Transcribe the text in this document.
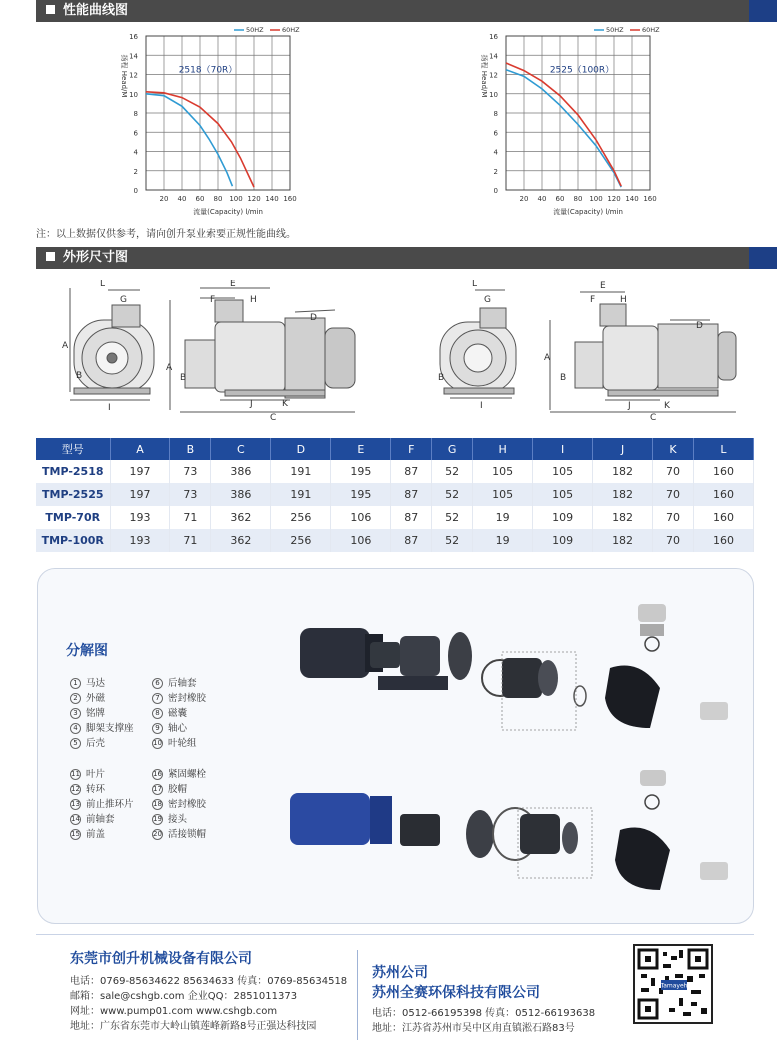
性能曲线图
0
2
4
6
8
10
12
14
16
20 40 60 80 100 120 140 160
流量(Capacity) l/min
扬程 Head/M
50HZ	60HZ
2518（70R）
0
2
4
6
8
10
12
14
16
20 40 60 80 100 120 140 160
流量(Capacity) l/min
扬程 Head/M
50HZ	60HZ
2525（100R）
注：以上数据仅供参考，请向创升泵业索要正规性能曲线。
外形尺寸图
L
G
A
B
I
E
F	H
D
A
B
C
J	K
L
G
B
I
E
F	H
D
A
B
C
J	K
型号	A	B	C	D	E	F	G	H	I	J	K	L
TMP-2518	197	73	386	191	195	87	52	105	105	182	70	160
TMP-2525	197	73	386	191	195	87	52	105	105	182	70	160
TMP-70R	193	71	362	256	106	87	52	19	109	182	70	160
TMP-100R	193	71	362	256	106	87	52	19	109	182	70	160
分解图
1 马达
2 外磁
3 铭牌
4 脚架支撑座
5 后壳
11 叶片
12 转环
13 前止推环片
14 前轴套
15 前盖
6 后轴套
7 密封橡胶
8 磁囊
9 轴心
10 叶轮组
16 紧固螺栓
17 胶帽
18 密封橡胶
19 接头
20 活接锁帽
东莞市创升机械设备有限公司
电话：0769-85634622 85634633 传真：0769-85634518
邮箱：sale@cshgb.com 企业QQ：2851011373
网址：www.pump01.com www.cshgb.com
地址：广东省东莞市大岭山镇莲峰新路8号正强达科技园
苏州公司
苏州全赛环保科技有限公司
电话：0512-66195398 传真：0512-66193638
地址：江苏省苏州市吴中区甪直镇淞石路83号
Tamayeh
